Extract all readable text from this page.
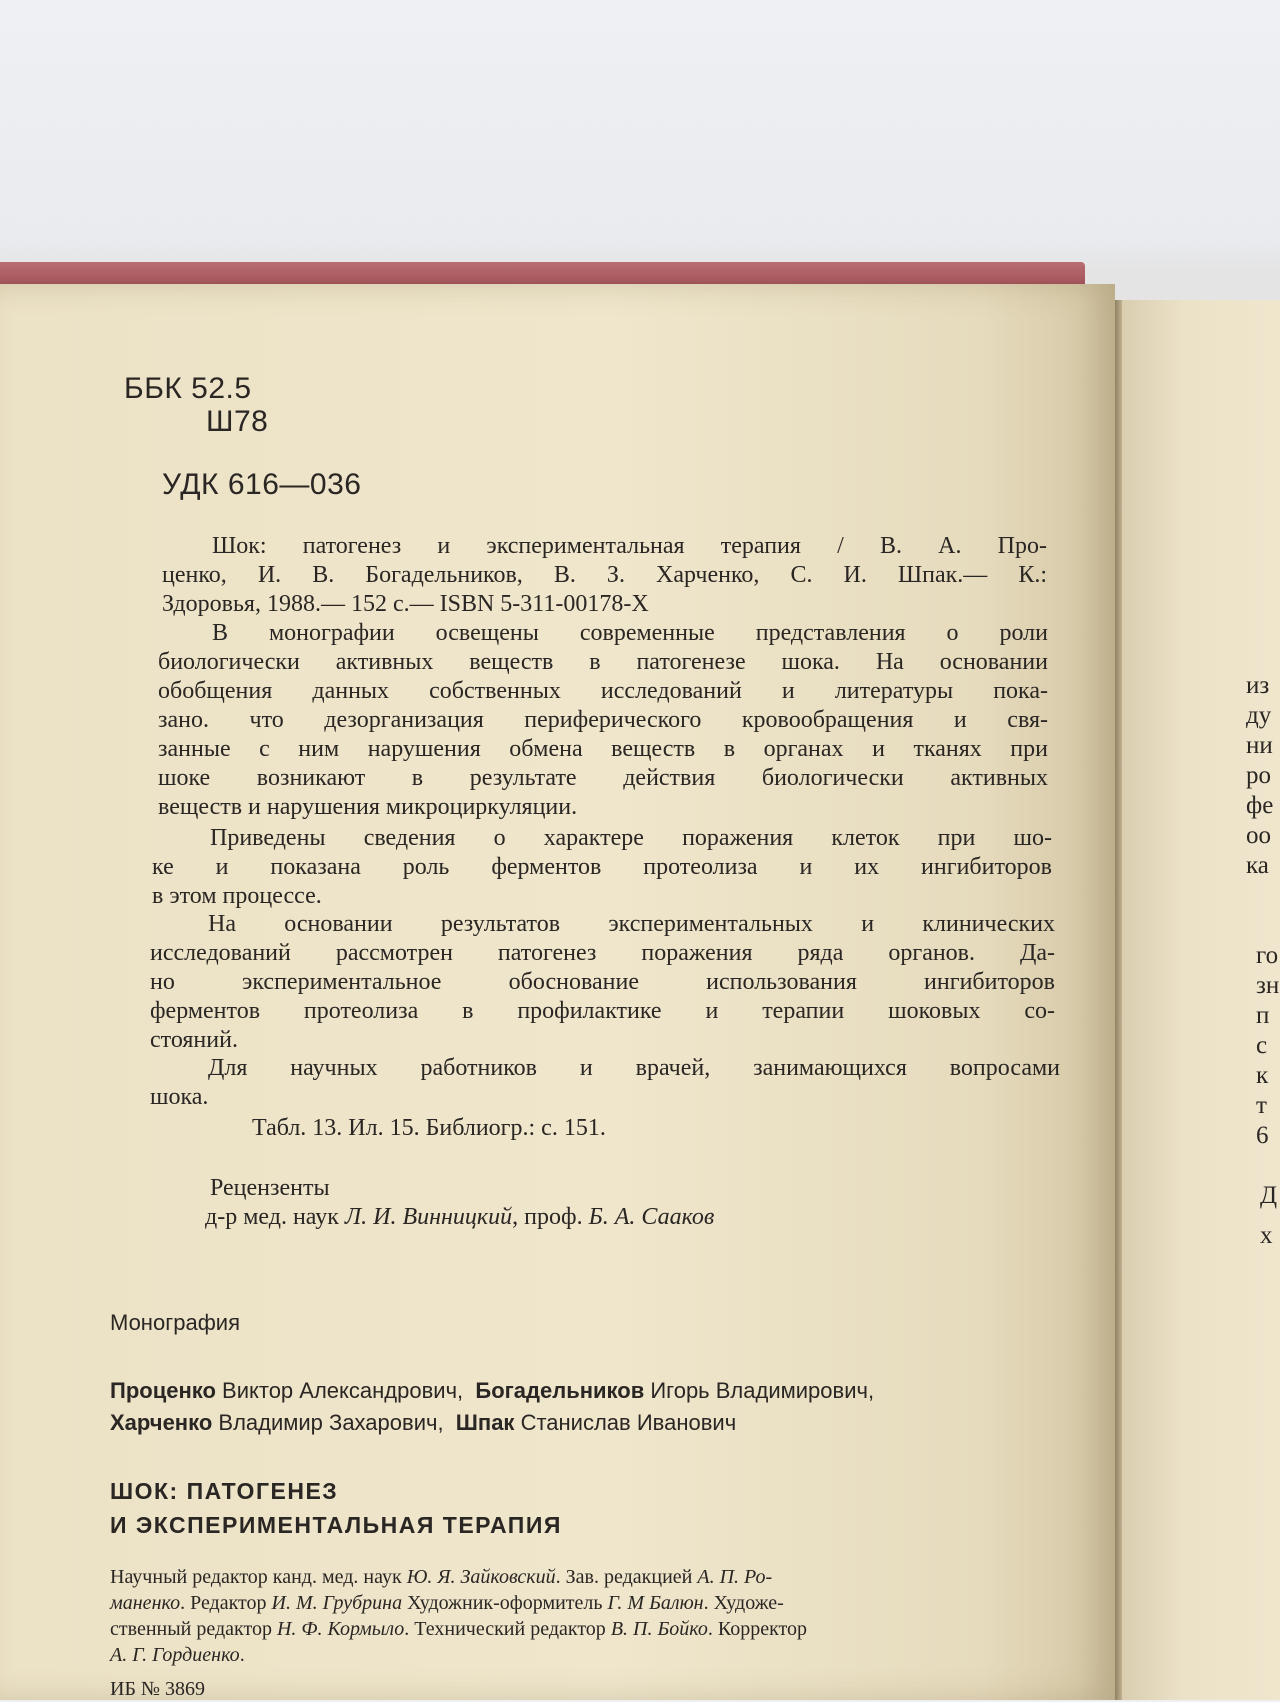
ББК 52.5
Ш78
УДК 616—036
Шок: патогенез и экспериментальная терапия / В. А. Про-
ценко, И. В. Богадельников, В. З. Харченко, С. И. Шпак.— К.:
Здоровья, 1988.— 152 с.— ISBN 5-311-00178-Х
В монографии освещены современные представления о роли
биологически активных веществ в патогенезе шока. На основании
обобщения данных собственных исследований и литературы пока-
зано. что дезорганизация периферического кровообращения и свя-
занные с ним нарушения обмена веществ в органах и тканях при
шоке возникают в результате действия биологически активных
веществ и нарушения микроциркуляции.
Приведены сведения о характере поражения клеток при шо-
ке и показана роль ферментов протеолиза и их ингибиторов
в этом процессе.
На основании результатов экспериментальных и клинических
исследований рассмотрен патогенез поражения ряда органов. Да-
но экспериментальное обоснование использования ингибиторов
ферментов протеолиза в профилактике и терапии шоковых со-
стояний.
Для научных работников и врачей, занимающихся вопросами
шока.
Табл. 13. Ил. 15. Библиогр.: с. 151.
Рецензенты
д-р мед. наук Л. И. Винницкий, проф. Б. А. Сааков
Монография
Проценко Виктор Александрович,  Богадельников Игорь Владимирович,
Харченко Владимир Захарович,  Шпак Станислав Иванович
ШОК: ПАТОГЕНЕЗ
И ЭКСПЕРИМЕНТАЛЬНАЯ ТЕРАПИЯ
Научный редактор канд. мед. наук Ю. Я. Зайковский. Зав. редакцией А. П. Ро-
маненко. Редактор И. М. Грубрина Художник-оформитель Г. М Балюн. Художе-
ственный редактор Н. Ф. Кормыло. Технический редактор В. П. Бойко. Корректор
А. Г. Гордиенко.
ИБ № 3869
из
ду
ни
ро
фе
оо
ка
го
зн
п
с
к
т
6
Д
х
